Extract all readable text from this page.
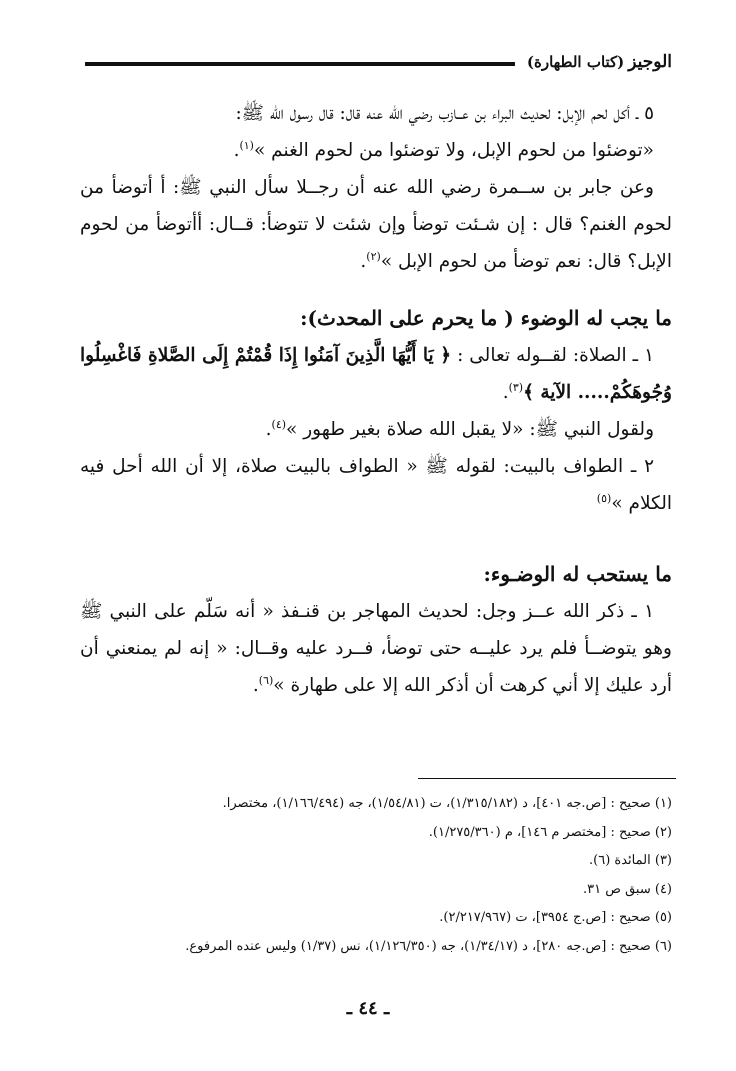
الوجيز
(كتاب الطهارة)

٥ ـ أكل لحم الإبل: لحديث البراء بن عــازب رضي الله عنه قال: قال رسول الله ﷺ:

«توضئوا من لحوم الإبل، ولا توضئوا من لحوم الغنم »$^{(١)}$.

وعن جابر بن ســمرة رضي الله عنه أن رجــلا سأل النبي ﷺ: أ أتوضأ من لحوم الغنم؟ قال : إن شـئت توضأ وإن شئت لا تتوضأ: قــال: أأتوضأ من لحوم الإبل؟ قال: نعم توضأ من لحوم الإبل »$^{(٢)}$.

ما يجب له الوضوء ( ما يحرم على المحدث):

١ ـ الصلاة: لقــوله تعالى : ﴿ يَا أَيُّهَا الَّذِينَ آمَنُوا إِذَا قُمْتُمْ إِلَى الصَّلاةِ فَاغْسِلُوا وُجُوهَكُمْ..... الآية ﴾$^{(٣)}$.

ولقول النبي ﷺ: «لا يقبل الله صلاة بغير طهور »$^{(٤)}$.

٢ ـ الطواف بالبيت: لقوله ﷺ « الطواف بالبيت صلاة، إلا أن الله أحل فيه الكلام »$^{(٥)}$

ما يستحب له الوضـوء:

١ ـ ذكر الله عــز وجل: لحديث المهاجر بن قنـفذ « أنه سَلّم على النبي ﷺ وهو يتوضــأ فلم يرد عليــه حتى توضأ، فــرد عليه وقــال: « إنه لم يمنعني أن أرد عليك إلا أني كرهت أن أذكر الله إلا على طهارة »$^{(٦)}$.

(١) صحيح : [ص.جه ٤٠١]، د (١/٣١٥/١٨٢)، ت (١/٥٤/٨١)، جه (١/١٦٦/٤٩٤)، مختصرا.

(٢) صحيح : [مختصر م ١٤٦]، م (١/٢٧٥/٣٦٠).

(٣) المائدة (٦).

(٤) سبق ص ٣١.

(٥) صحيح : [ص.ج ٣٩٥٤]، ت (٢/٢١٧/٩٦٧).

(٦) صحيح : [ص.جه ٢٨٠]، د (١/٣٤/١٧)، جه (١/١٢٦/٣٥٠)، نس (١/٣٧) وليس عنده المرفوع.

ـ ٤٤ ـ
